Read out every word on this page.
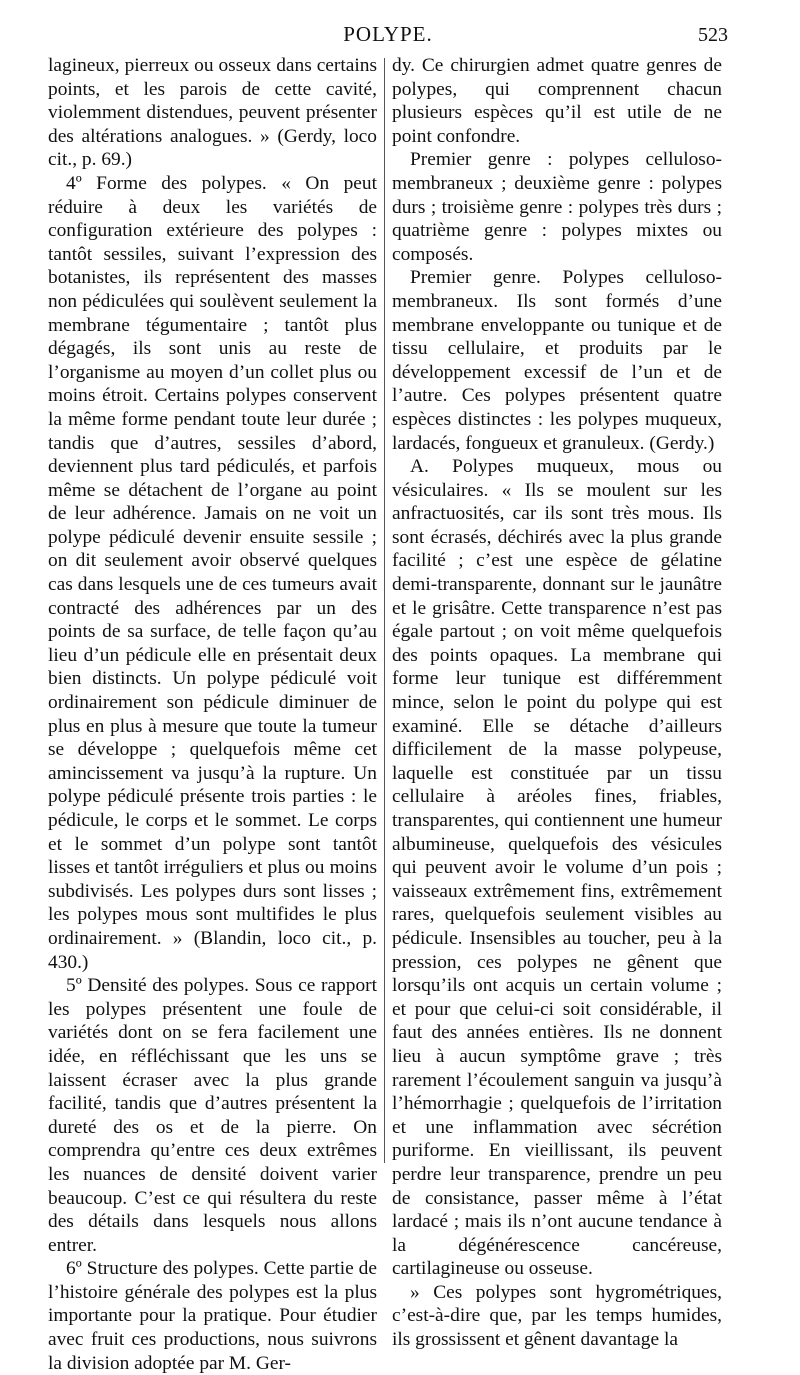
POLYPE.	523

lagineux, pierreux ou osseux dans certains points, et les parois de cette cavité, violemment distendues, peuvent présenter des altérations analogues. » (Gerdy, loco cit., p. 69.)

4º Forme des polypes. « On peut réduire à deux les variétés de configuration extérieure des polypes : tantôt sessiles, suivant l’expression des botanistes, ils représentent des masses non pédiculées qui soulèvent seulement la membrane tégumentaire ; tantôt plus dégagés, ils sont unis au reste de l’organisme au moyen d’un collet plus ou moins étroit. Certains polypes conservent la même forme pendant toute leur durée ; tandis que d’autres, sessiles d’abord, deviennent plus tard pédiculés, et parfois même se détachent de l’organe au point de leur adhérence. Jamais on ne voit un polype pédiculé devenir ensuite sessile ; on dit seulement avoir observé quelques cas dans lesquels une de ces tumeurs avait contracté des adhérences par un des points de sa surface, de telle façon qu’au lieu d’un pédicule elle en présentait deux bien distincts. Un polype pédiculé voit ordinairement son pédicule diminuer de plus en plus à mesure que toute la tumeur se développe ; quelquefois même cet amincissement va jusqu’à la rupture. Un polype pédiculé présente trois parties : le pédicule, le corps et le sommet. Le corps et le sommet d’un polype sont tantôt lisses et tantôt irréguliers et plus ou moins subdivisés. Les polypes durs sont lisses ; les polypes mous sont multifides le plus ordinairement. » (Blandin, loco cit., p. 430.)

5º Densité des polypes. Sous ce rapport les polypes présentent une foule de variétés dont on se fera facilement une idée, en réfléchissant que les uns se laissent écraser avec la plus grande facilité, tandis que d’autres présentent la dureté des os et de la pierre. On comprendra qu’entre ces deux extrêmes les nuances de densité doivent varier beaucoup. C’est ce qui résultera du reste des détails dans lesquels nous allons entrer.

6º Structure des polypes. Cette partie de l’histoire générale des polypes est la plus importante pour la pratique. Pour étudier avec fruit ces productions, nous suivrons la division adoptée par M. Ger-

dy. Ce chirurgien admet quatre genres de polypes, qui comprennent chacun plusieurs espèces qu’il est utile de ne point confondre.

Premier genre : polypes celluloso-membraneux ; deuxième genre : polypes durs ; troisième genre : polypes très durs ; quatrième genre : polypes mixtes ou composés.

Premier genre. Polypes celluloso-membraneux. Ils sont formés d’une membrane enveloppante ou tunique et de tissu cellulaire, et produits par le développement excessif de l’un et de l’autre. Ces polypes présentent quatre espèces distinctes : les polypes muqueux, lardacés, fongueux et granuleux. (Gerdy.)

A. Polypes muqueux, mous ou vésiculaires. « Ils se moulent sur les anfractuosités, car ils sont très mous. Ils sont écrasés, déchirés avec la plus grande facilité ; c’est une espèce de gélatine demi-transparente, donnant sur le jaunâtre et le grisâtre. Cette transparence n’est pas égale partout ; on voit même quelquefois des points opaques. La membrane qui forme leur tunique est différemment mince, selon le point du polype qui est examiné. Elle se détache d’ailleurs difficilement de la masse polypeuse, laquelle est constituée par un tissu cellulaire à aréoles fines, friables, transparentes, qui contiennent une humeur albumineuse, quelquefois des vésicules qui peuvent avoir le volume d’un pois ; vaisseaux extrêmement fins, extrêmement rares, quelquefois seulement visibles au pédicule. Insensibles au toucher, peu à la pression, ces polypes ne gênent que lorsqu’ils ont acquis un certain volume ; et pour que celui-ci soit considérable, il faut des années entières. Ils ne donnent lieu à aucun symptôme grave ; très rarement l’écoulement sanguin va jusqu’à l’hémorrhagie ; quelquefois de l’irritation et une inflammation avec sécrétion puriforme. En vieillissant, ils peuvent perdre leur transparence, prendre un peu de consistance, passer même à l’état lardacé ; mais ils n’ont aucune tendance à la dégénérescence cancéreuse, cartilagineuse ou osseuse.

» Ces polypes sont hygrométriques, c’est-à-dire que, par les temps humides, ils grossissent et gênent davantage la
